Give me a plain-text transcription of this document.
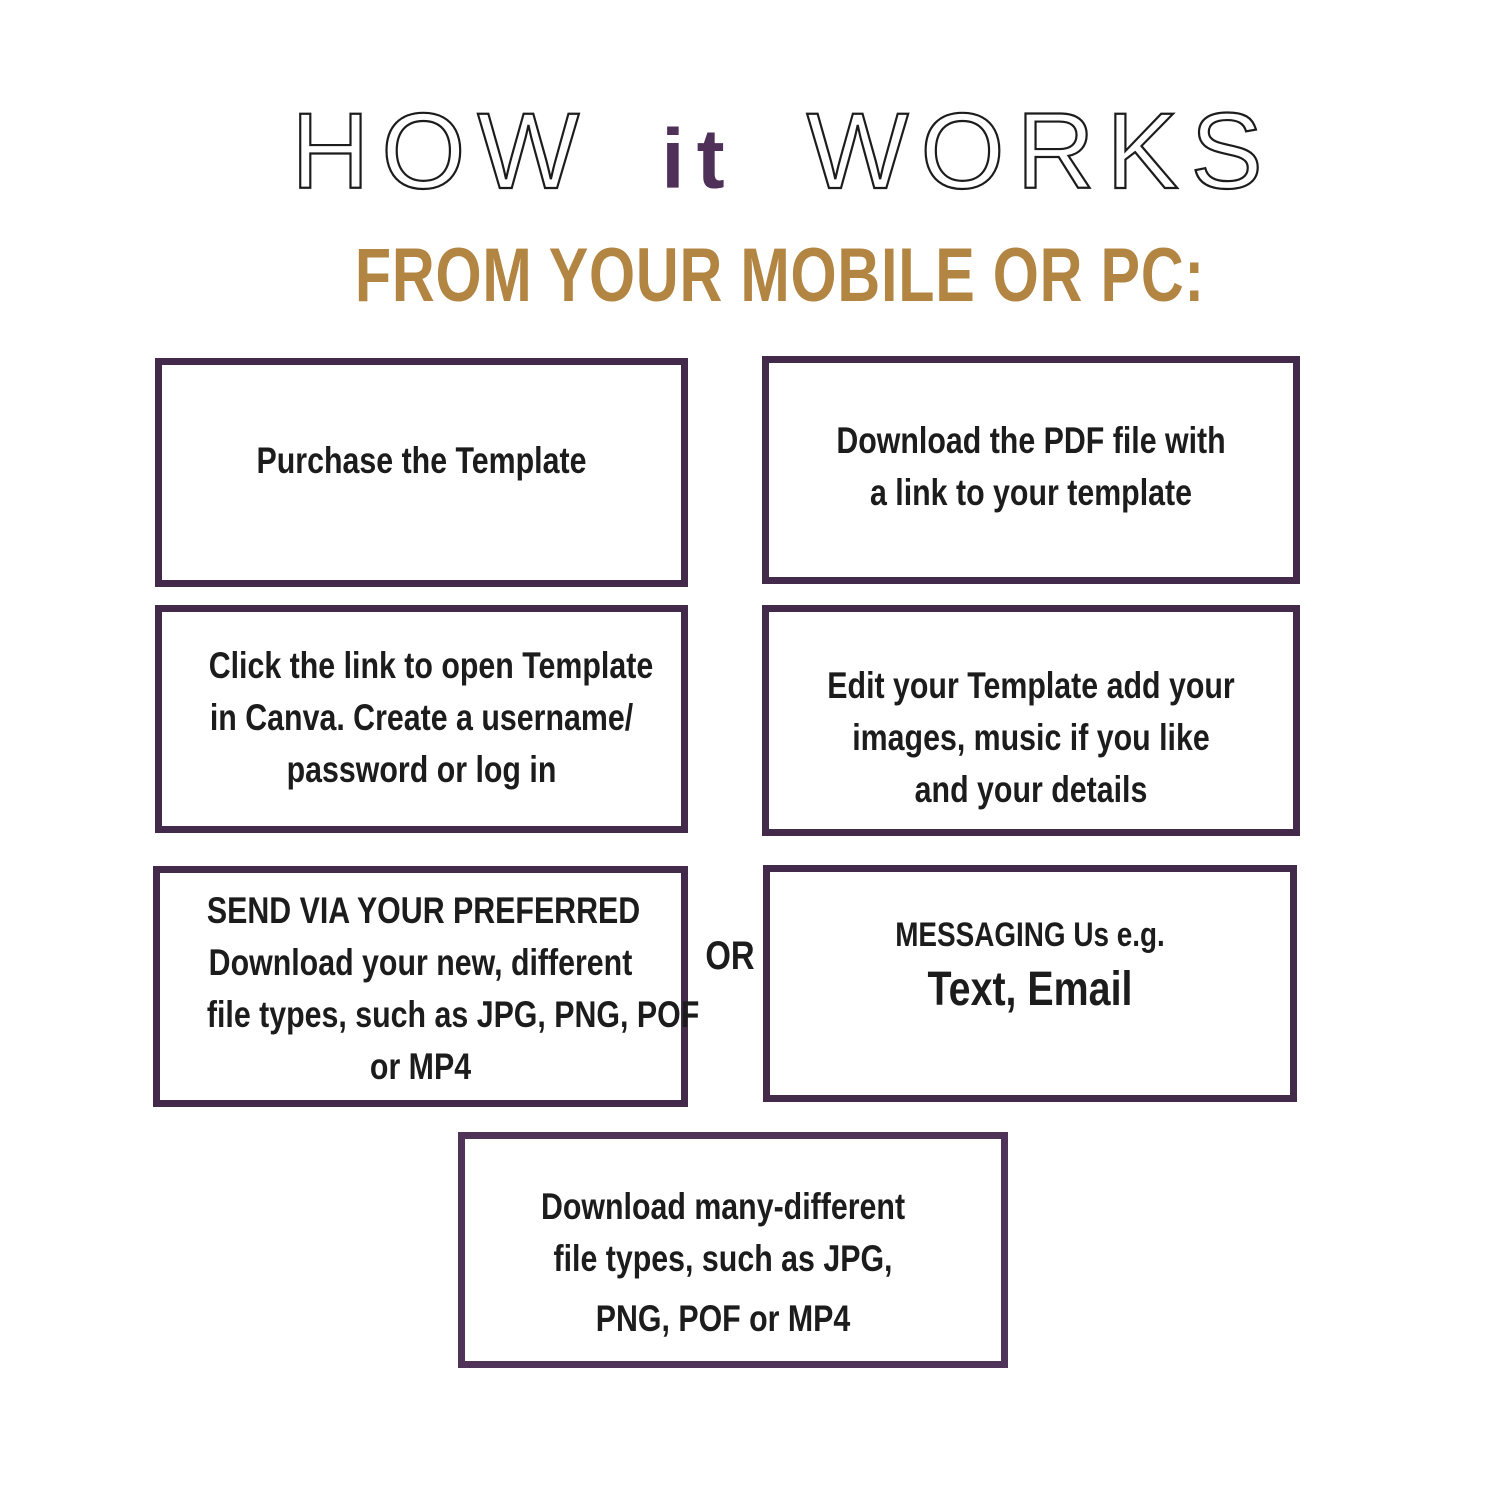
HOW it WORKS
FROM YOUR MOBILE OR PC:
Purchase the Template	Download the PDF file with
a link to your template
Click the link to open Template
in Canva. Create a username/
password or log in
Edit your Template add your
images, music if you like
and your details
SEND VIA YOUR PREFERRED
Download your new, different
file types, such as JPG, PNG, POF
or MP4
OR	MESSAGING Us e.g.
Text, Email
Download many-different
file types, such as JPG,
PNG, POF or MP4
